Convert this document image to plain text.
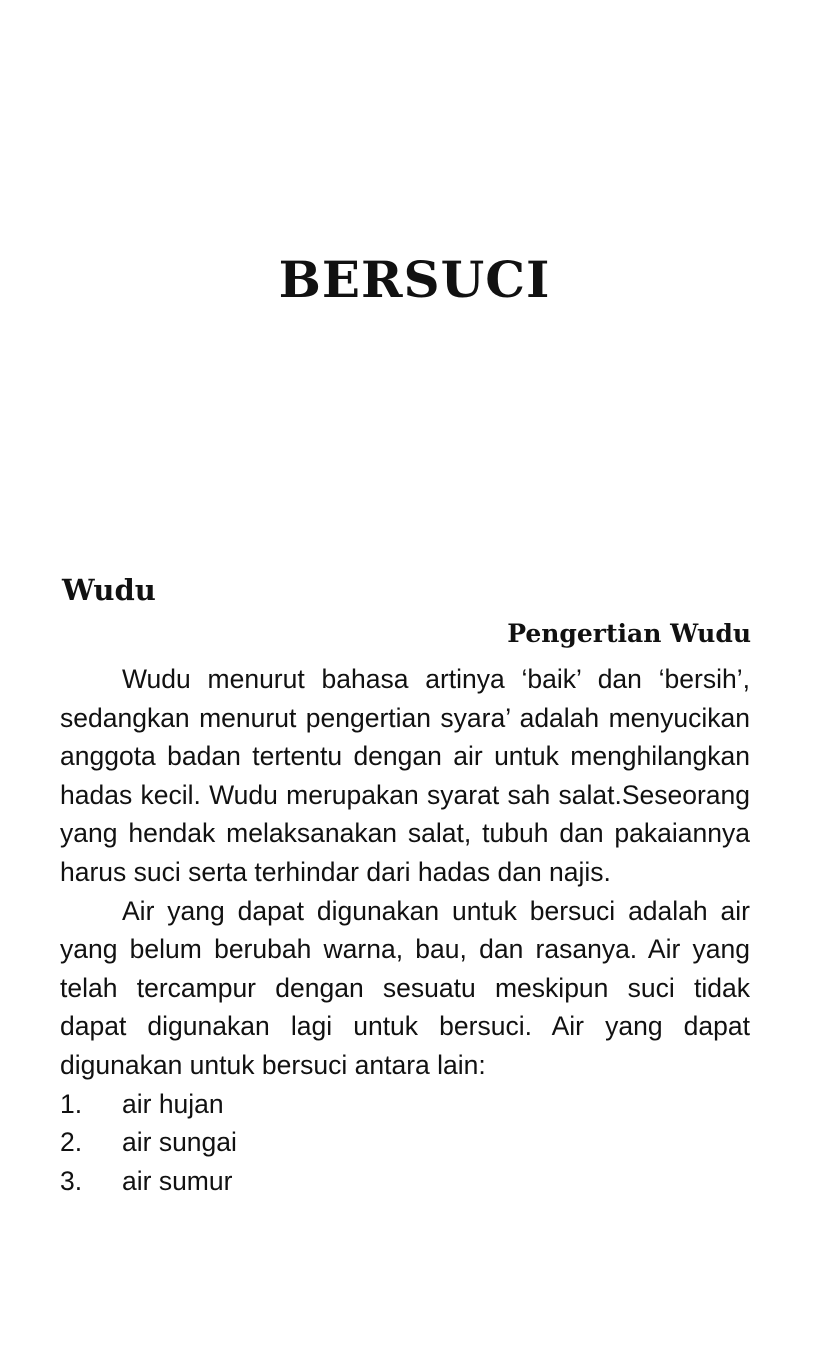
BERSUCI
Wudu
Pengertian Wudu

Wudu menurut bahasa artinya ‘baik’ dan ‘bersih’, sedangkan menurut pengertian syara’ adalah menyucikan anggota badan tertentu dengan air untuk menghilangkan hadas kecil. Wudu merupakan syarat sah salat.Seseorang yang hendak melaksanakan salat, tubuh dan pakaiannya harus suci serta terhindar dari hadas dan najis.

Air yang dapat digunakan untuk bersuci adalah air yang belum berubah warna, bau, dan rasanya. Air yang telah tercampur dengan sesuatu meskipun suci tidak dapat digunakan lagi untuk bersuci. Air yang dapat digunakan untuk bersuci antara lain:

1.	air hujan
2.	air sungai
3.	air sumur
